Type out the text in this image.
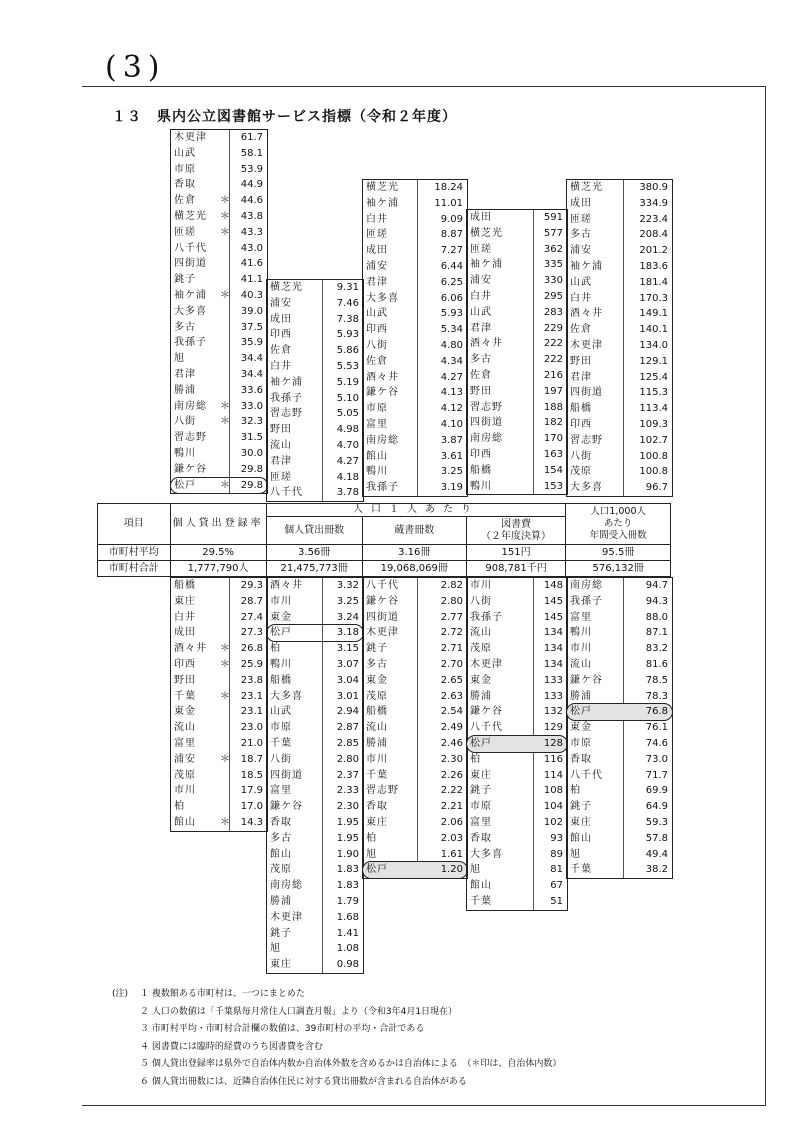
(3)
１３　県内公立図書館サービス指標（令和２年度）
木更津	61.7
山武	58.1
市原	53.9
香取	44.9
佐倉 ＊ 44.6
横芝光 ＊ 43.8
匝瑳 ＊ 43.3
八千代	43.0
四街道	41.6
銚子	41.1
袖ケ浦 ＊ 40.3
大多喜	39.0
多古	37.5
我孫子	35.9
旭	34.4
君津	34.4
勝浦	33.6
南房総 ＊ 33.0
八街 ＊ 32.3
習志野	31.5
鴨川	30.0
鎌ケ谷	29.8
松戸 ＊ 29.8
横芝光	9.31
浦安	7.46
成田	7.38
印西	5.93
佐倉	5.86
白井	5.53
袖ケ浦	5.19
我孫子	5.10
習志野	5.05
野田	4.98
流山	4.70
君津	4.27
匝瑳	4.18
八千代	3.78
横芝光	18.24
袖ケ浦	11.01
白井	9.09
匝瑳	8.87
成田	7.27
浦安	6.44
君津	6.25
大多喜	6.06
山武	5.93
印西	5.34
八街	4.80
佐倉	4.34
酒々井	4.27
鎌ケ谷	4.13
市原	4.12
富里	4.10
南房総	3.87
館山	3.61
鴨川	3.25
我孫子	3.19
成田	591
横芝光	577
匝瑳	362
袖ケ浦	335
浦安	330
白井	295
山武	283
君津	229
酒々井	222
多古	222
佐倉	216
野田	197
習志野	188
四街道	182
南房総	170
印西	163
船橋	154
鴨川	153
横芝光	380.9
成田	334.9
匝瑳	223.4
多古	208.4
浦安	201.2
袖ケ浦	183.6
山武	181.4
白井	170.3
酒々井	149.1
佐倉	140.1
木更津	134.0
野田	129.1
君津	125.4
四街道	115.3
船橋	113.4
印西	109.3
習志野	102.7
八街	100.8
茂原	100.8
大多喜	96.7
項目	個人貸出登録率	人口１人あたり			人口1,000人
あたり
年間受入冊数

		個人貸出冊数	蔵書冊数	図書費
（２年度決算）	

市町村平均	29.5%	3.56冊	3.16冊	151円	95.5冊
市町村合計	1,777,790人	21,475,773冊	19,068,069冊	908,781千円	576,132冊
船橋	29.3
東庄	28.7
白井	27.4
成田	27.3
酒々井 ＊ 26.8
印西 ＊ 25.9
野田	23.8
千葉 ＊ 23.1
東金	23.1
流山	23.0
富里	21.0
浦安 ＊ 18.7
茂原	18.5
市川	17.9
柏	17.0
館山 ＊ 14.3
酒々井	3.32
市川	3.25
東金	3.24
松戸	3.18
柏	3.15
鴨川	3.07
船橋	3.04
大多喜	3.01
山武	2.94
市原	2.87
千葉	2.85
八街	2.80
四街道	2.37
富里	2.33
鎌ケ谷	2.30
香取	1.95
多古	1.95
館山	1.90
茂原	1.83
南房総	1.83
勝浦	1.79
木更津	1.68
銚子	1.41
旭	1.08
東庄	0.98
八千代	2.82
鎌ケ谷	2.80
四街道	2.77
木更津	2.72
銚子	2.71
多古	2.70
東金	2.65
茂原	2.63
船橋	2.54
流山	2.49
勝浦	2.46
市川	2.30
千葉	2.26
習志野	2.22
香取	2.21
東庄	2.06
柏	2.03
旭	1.61
松戸	1.20
市川	148
八街	145
我孫子	145
流山	134
茂原	134
木更津	134
東金	133
勝浦	133
鎌ケ谷	132
八千代	129
松戸	128
柏	116
東庄	114
銚子	108
市原	104
富里	102
香取	93
大多喜	89
旭	81
館山	67
千葉	51
南房総	94.7
我孫子	94.3
富里	88.0
鴨川	87.1
市川	83.2
流山	81.6
鎌ケ谷	78.5
勝浦	78.3
松戸	76.8
東金	76.1
市原	74.6
香取	73.0
八千代	71.7
柏	69.9
銚子	64.9
東庄	59.3
館山	57.8
旭	49.4
千葉	38.2
(注) １ 複数館ある市町村は、一つにまとめた
２ 人口の数値は「千葉県毎月常住人口調査月報」より（令和3年4月1日現在）
３ 市町村平均・市町村合計欄の数値は、39市町村の平均・合計である
４ 図書費には臨時的経費のうち図書費を含む
５ 個人貸出登録率は県外で自治体内数か自治体外数を含めるかは自治体による　（＊印は、自治体内数）
６ 個人貸出冊数には、近隣自治体住民に対する貸出冊数が含まれる自治体がある
